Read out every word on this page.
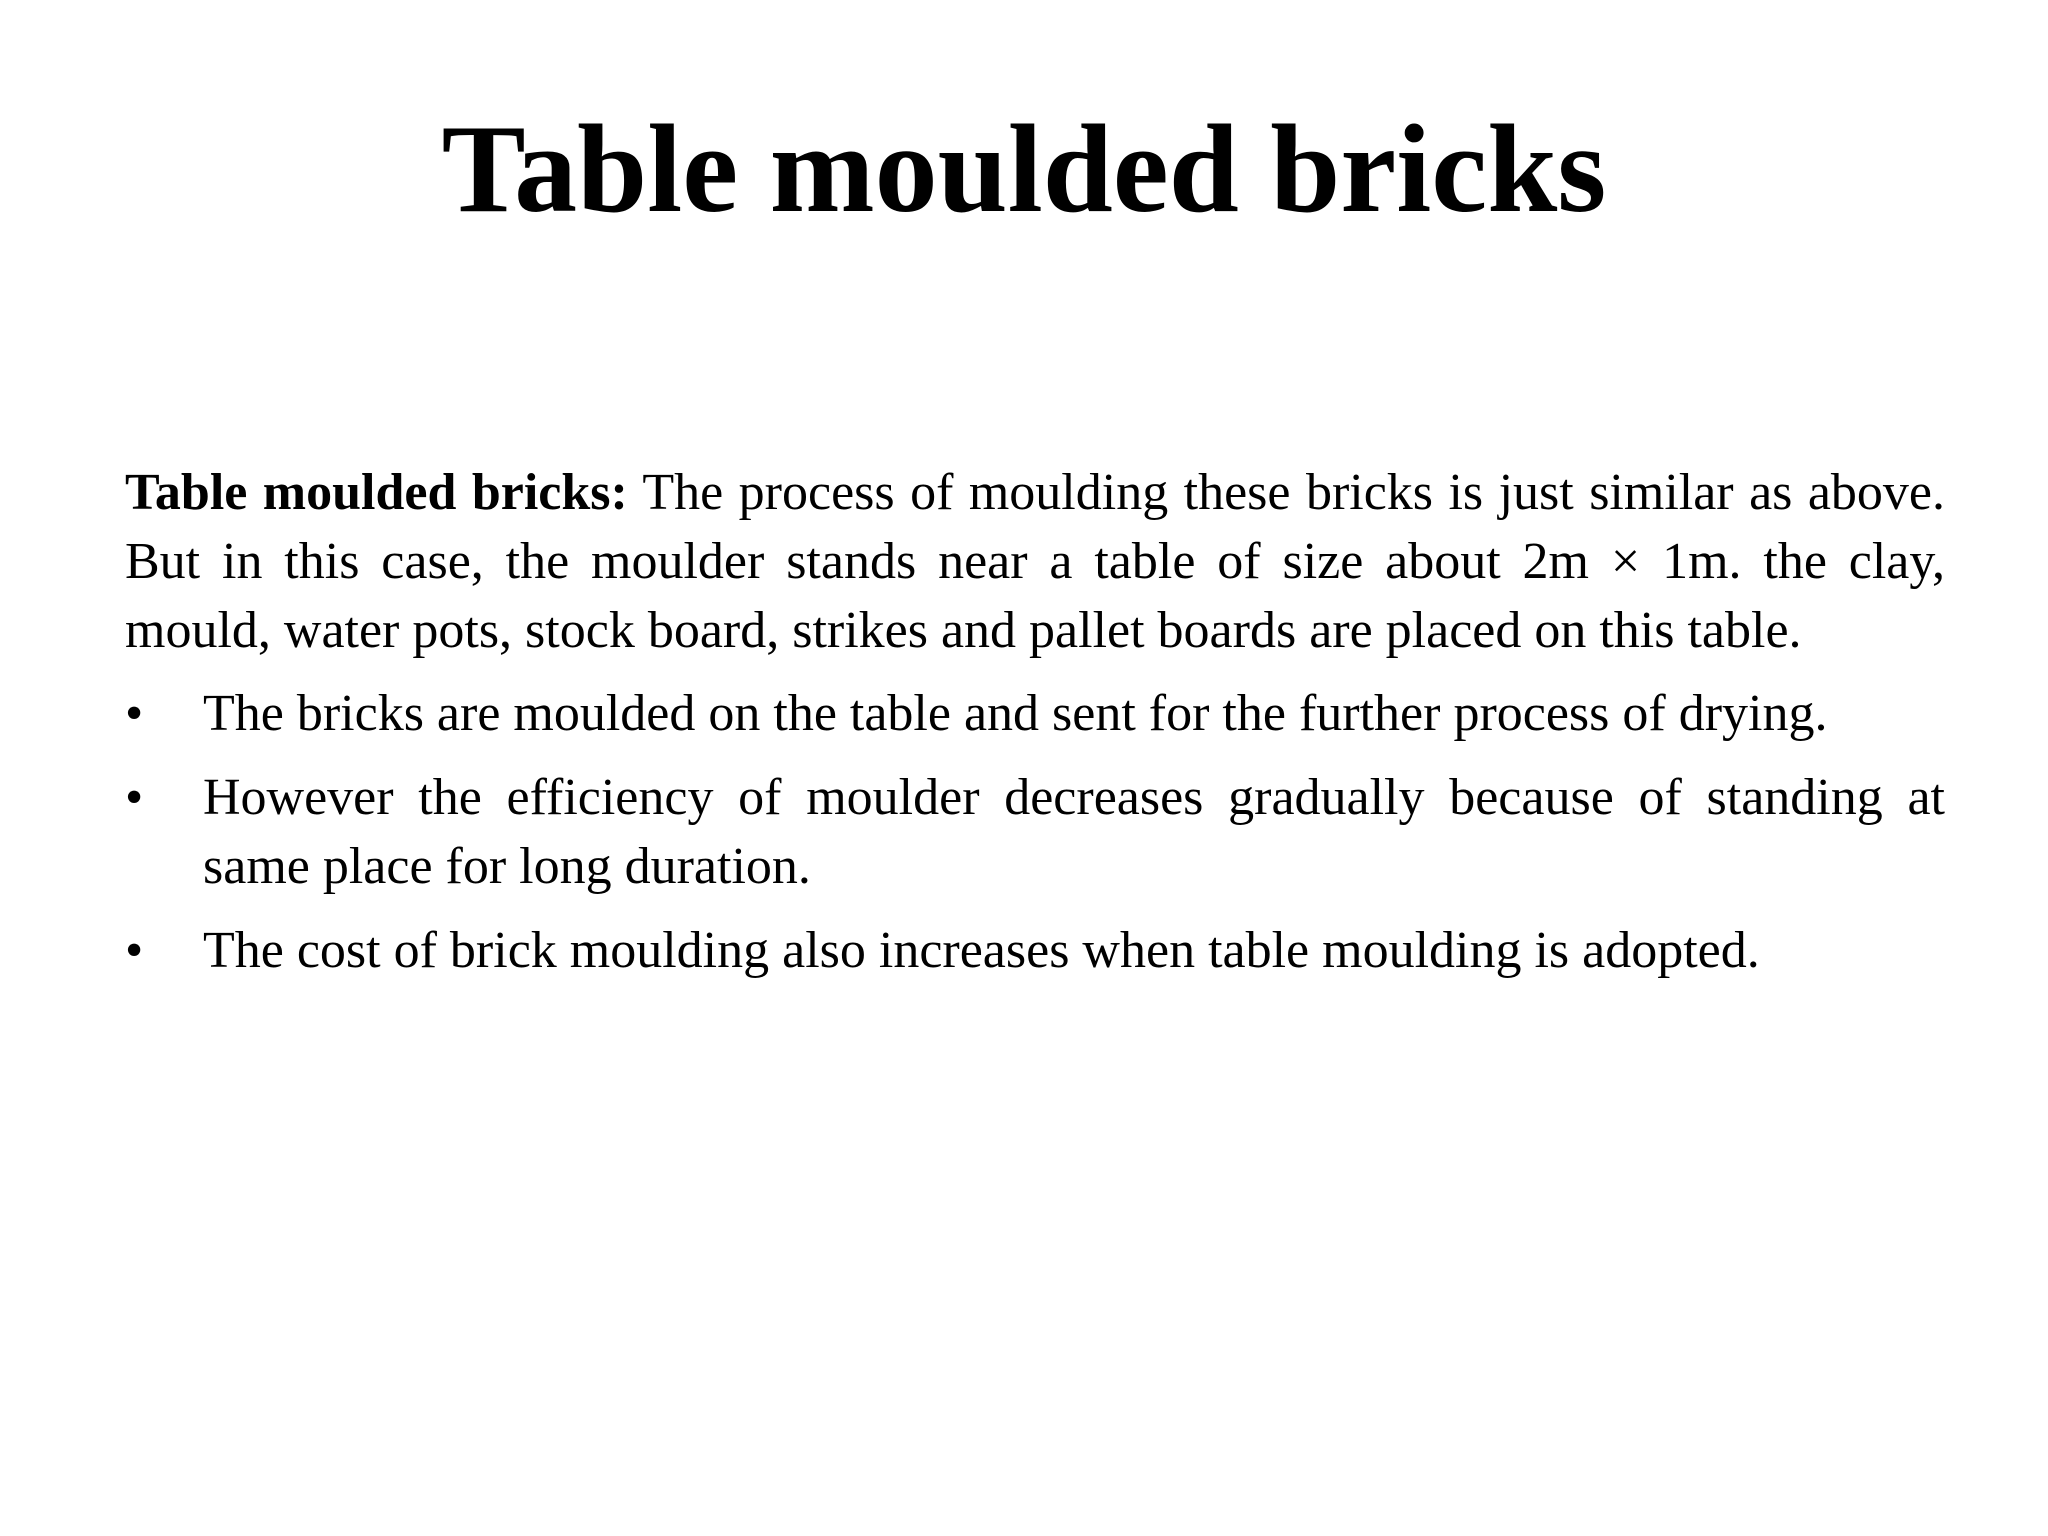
Table moulded bricks

Table moulded bricks: The process of moulding these bricks is just similar as above. But in this case, the moulder stands near a table of size about 2m × 1m. the clay, mould, water pots, stock board, strikes and pallet boards are placed on this table.

•	The bricks are moulded on the table and sent for the further process of drying.
•	However the efficiency of moulder decreases gradually because of standing at same place for long duration.
•	The cost of brick moulding also increases when table moulding is adopted.
